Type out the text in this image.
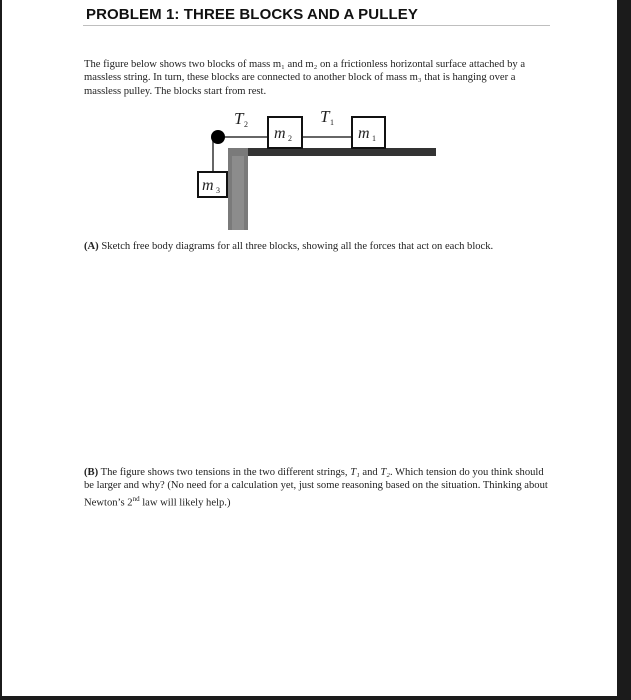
PROBLEM 1: THREE BLOCKS AND A PULLEY
The figure below shows two blocks of mass m₁ and m₂ on a frictionless horizontal surface attached by a massless string. In turn, these blocks are connected to another block of mass m₃ that is hanging over a massless pulley. The blocks start from rest.
m 2	m 1
m 3
T 2	T 1
(A) Sketch free body diagrams for all three blocks, showing all the forces that act on each block.
(B) The figure shows two tensions in the two different strings, T₁ and T₂. Which tension do you think should be larger and why? (No need for a calculation yet, just some reasoning based on the situation. Thinking about Newton’s 2nd law will likely help.)
